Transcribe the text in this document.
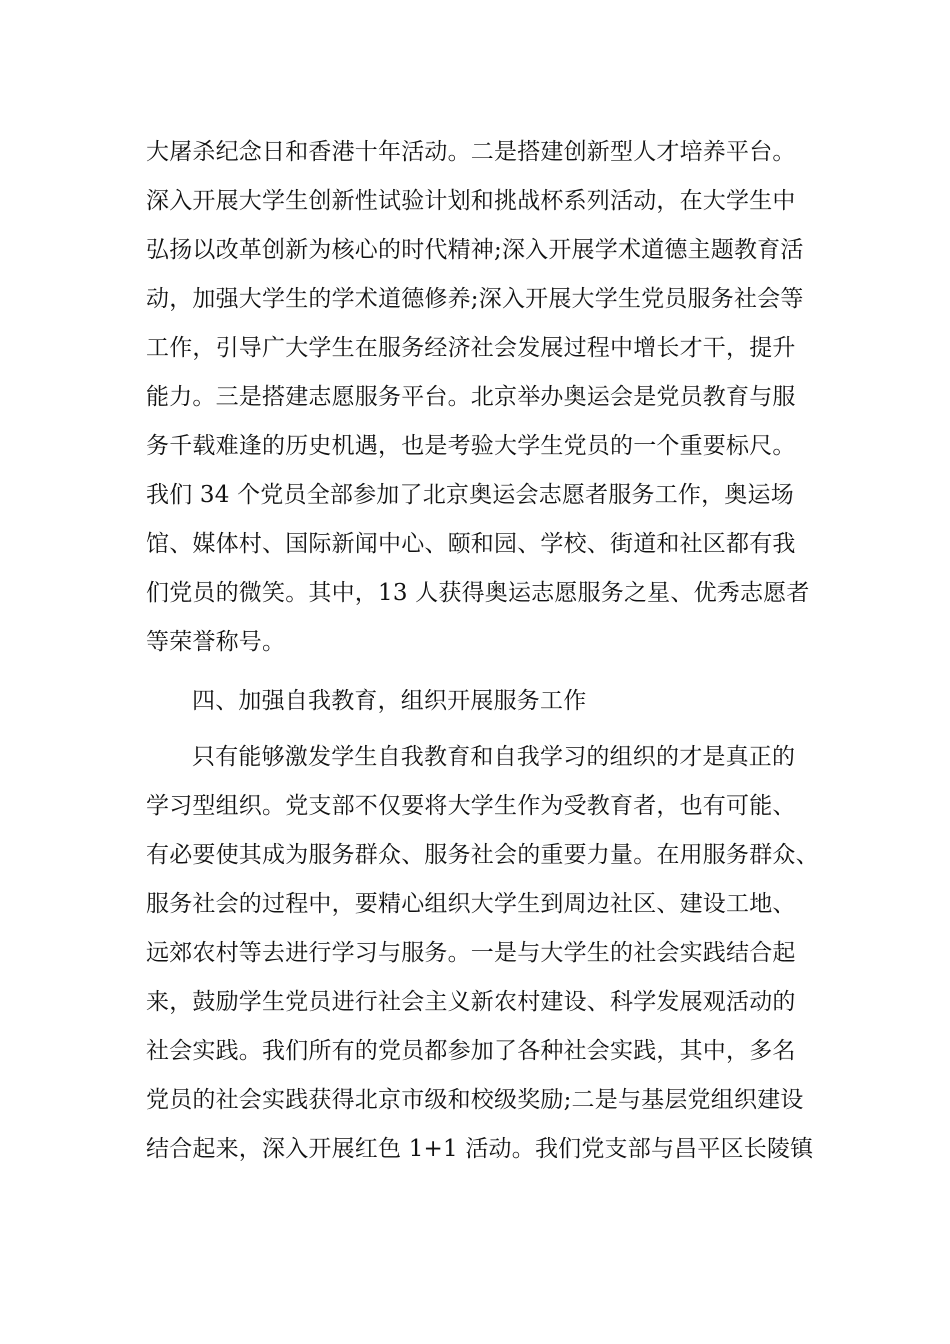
大屠杀纪念日和香港十年活动。二是搭建创新型人才培养平台。
深入开展大学生创新性试验计划和挑战杯系列活动，在大学生中
弘扬以改革创新为核心的时代精神;深入开展学术道德主题教育活
动，加强大学生的学术道德修养;深入开展大学生党员服务社会等
工作，引导广大学生在服务经济社会发展过程中增长才干，提升
能力。三是搭建志愿服务平台。北京举办奥运会是党员教育与服
务千载难逢的历史机遇，也是考验大学生党员的一个重要标尺。
我们 34 个党员全部参加了北京奥运会志愿者服务工作，奥运场
馆、媒体村、国际新闻中心、颐和园、学校、街道和社区都有我
们党员的微笑。其中，13 人获得奥运志愿服务之星、优秀志愿者
等荣誉称号。
四、加强自我教育，组织开展服务工作
只有能够激发学生自我教育和自我学习的组织的才是真正的
学习型组织。党支部不仅要将大学生作为受教育者，也有可能、
有必要使其成为服务群众、服务社会的重要力量。在用服务群众、
服务社会的过程中，要精心组织大学生到周边社区、建设工地、
远郊农村等去进行学习与服务。一是与大学生的社会实践结合起
来，鼓励学生党员进行社会主义新农村建设、科学发展观活动的
社会实践。我们所有的党员都参加了各种社会实践，其中，多名
党员的社会实践获得北京市级和校级奖励;二是与基层党组织建设
结合起来，深入开展红色 1+1 活动。我们党支部与昌平区长陵镇
